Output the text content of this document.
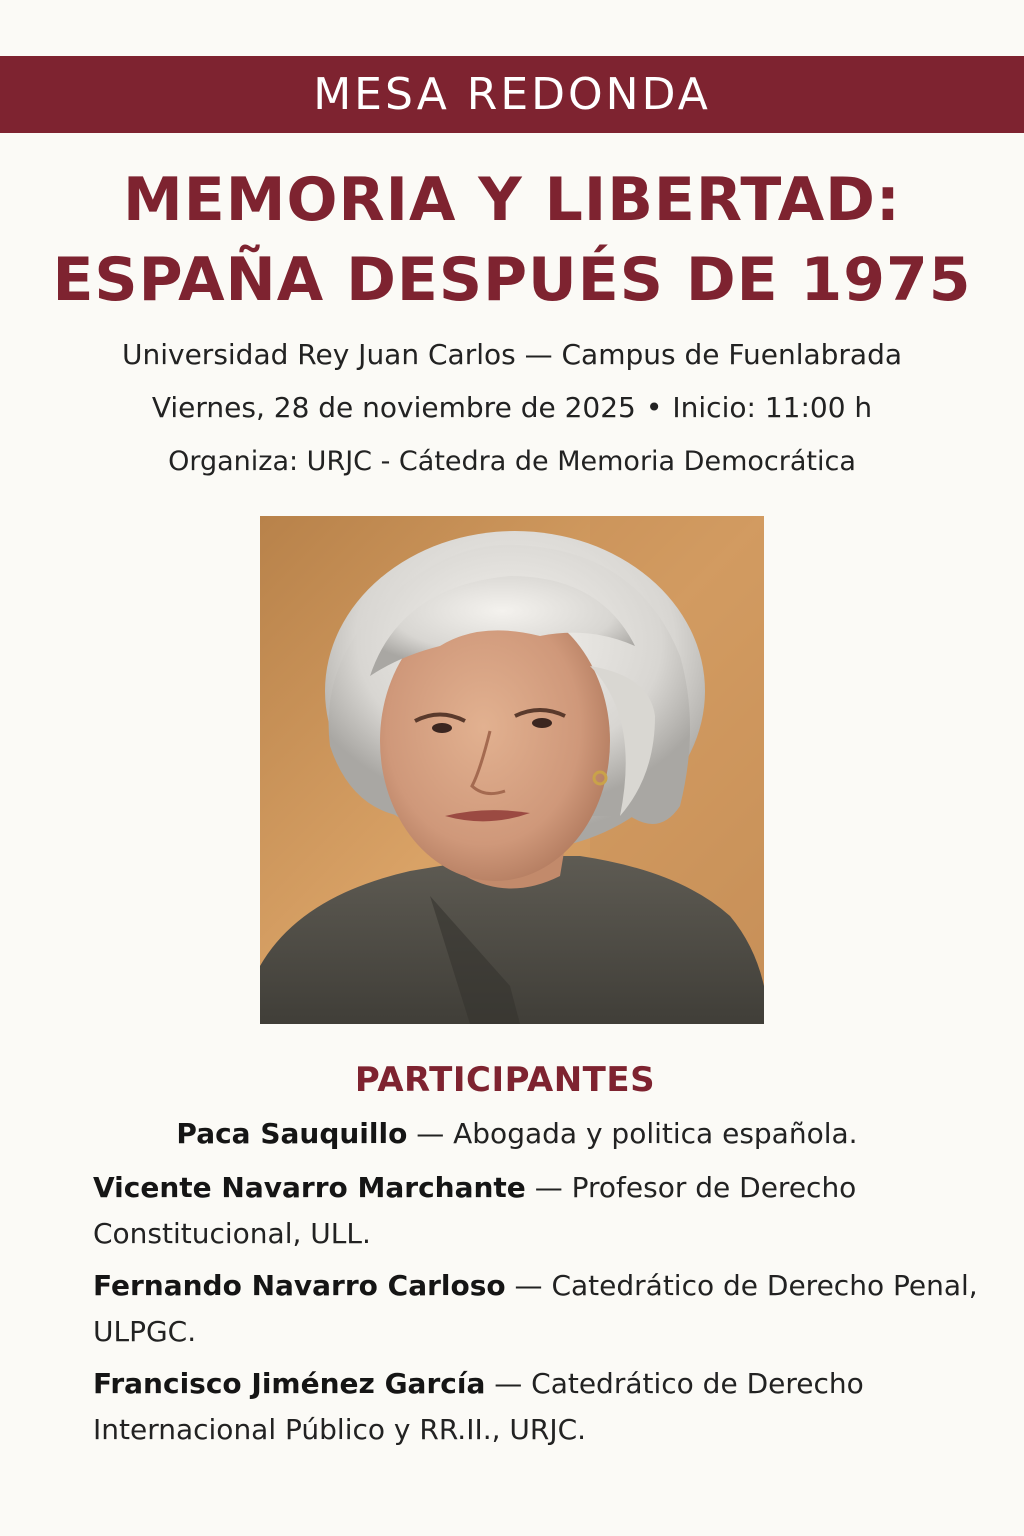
MESA REDONDA
MEMORIA Y LIBERTAD:
ESPAÑA DESPUÉS DE 1975
Universidad Rey Juan Carlos — Campus de Fuenlabrada
Viernes, 28 de noviembre de 2025 • Inicio: 11:00 h
Organiza: URJC - Cátedra de Memoria Democrática
PARTICIPANTES
Paca Sauquillo — Abogada y politica española.
Vicente Navarro Marchante — Profesor de Derecho Constitucional, ULL.
Fernando Navarro Carloso — Catedrático de Derecho Penal, ULPGC.
Francisco Jiménez García — Catedrático de Derecho Internacional Público y RR.II., URJC.
